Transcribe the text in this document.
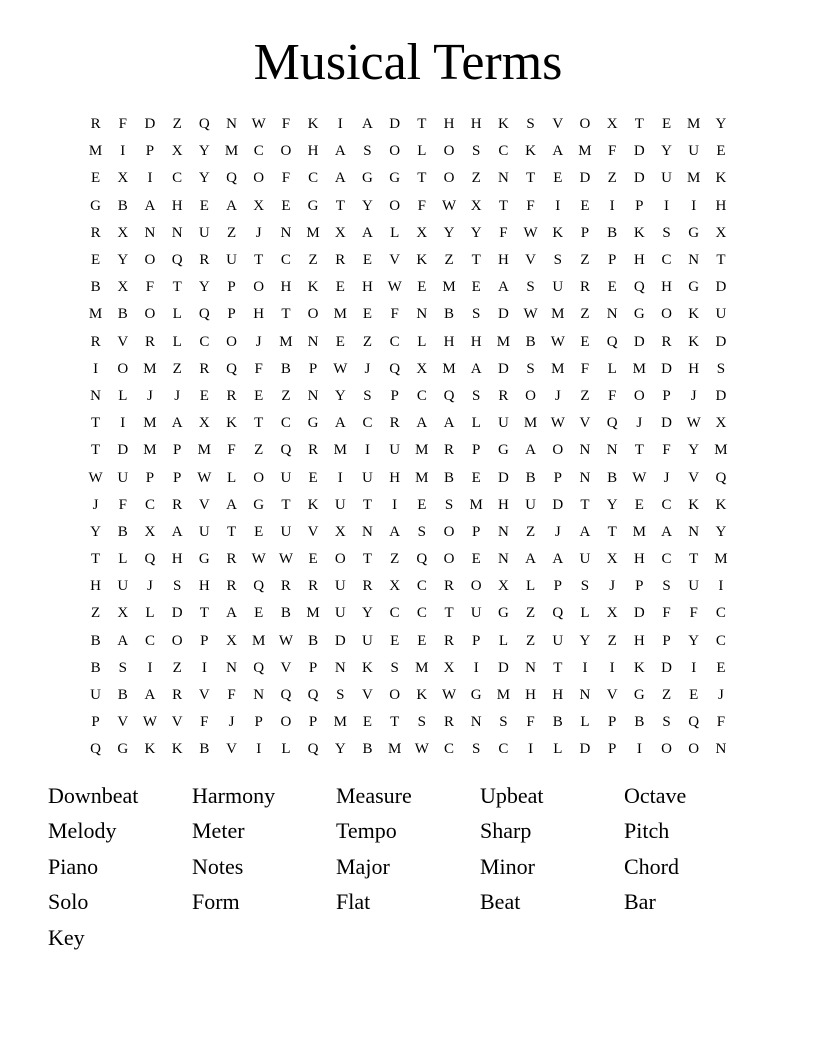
Musical Terms
R	F	D	Z	Q	N W	F	K	I	A	D	T	H	H	K	S	V	O	X	T	E	M	Y
M	I	P	X	Y	M	C	O	H	A	S	O	L	O	S	C	K	A	M	F	D	Y	U	E
E	X	I	C	Y	Q	O	F	C	A	G	G	T	O	Z	N	T	E	D	Z	D	U	M	K
G	B	A	H	E	A	X	E	G	T	Y	O	F	W X	T	F	I	E	I	P	I	I	H
R	X	N	N	U	Z	J	N	M	X	A	L	X	Y	Y	F	W K	P	B	K	S	G	X
E	Y	O	Q	R	U	T	C	Z	R	E	V	K	Z	T	H	V	S	Z	P	H	C	N	T
B	X	F	T	Y	P	O	H	K	E	H W	E	M	E	A	S	U	R	E	Q	H	G	D
M	B	O	L	Q	P	H	T	O	M	E	F	N	B	S	D W M	Z	N	G	O	K	U
R	V	R	L	C	O	J	M	N	E	Z	C	L	H	H	M	B	W	E	Q	D	R	K	D
I	O	M	Z	R	Q	F	B	P	W	J	Q	X	M	A	D	S	M	F	L	M	D	H	S
N	L	J	J	E	R	E	Z	N	Y	S	P	C	Q	S	R	O	J	Z	F	O	P	J	D
T	I	M	A	X	K	T	C	G	A	C	R	A	A	L	U	M W V	Q	J	D W X
T	D	M	P	M	F	Z	Q	R	M	I	U	M	R	P	G	A	O	N	N	T	F	Y	M
W U	P	P	W	L	O	U	E	I	U	H	M	B	E	D	B	P	N	B	W	J	V	Q
J	F	C	R	V	A	G	T	K	U	T	I	E	S	M	H	U	D	T	Y	E	C	K	K
Y	B	X	A	U	T	E	U	V	X	N	A	S	O	P	N	Z	J	A	T	M	A	N	Y
T	L	Q	H	G	R	W W	E	O	T	Z	Q	O	E	N	A	A	U	X	H	C	T	M
H	U	J	S	H	R	Q	R	R	U	R	X	C	R	O	X	L	P	S	J	P	S	U	I
Z	X	L	D	T	A	E	B	M	U	Y	C	C	T	U	G	Z	Q	L	X	D	F	F	C
B	A	C	O	P	X	M W	B	D	U	E	E	R	P	L	Z	U	Y	Z	H	P	Y	C
B	S	I	Z	I	N	Q	V	P	N	K	S	M	X	I	D	N	T	I	I	K	D	I	E
U	B	A	R	V	F	N	Q	Q	S	V	O	K W G	M	H	H	N	V	G	Z	E	J
P	V W V	F	J	P	O	P	M	E	T	S	R	N	S	F	B	L	P	B	S	Q	F
Q	G	K	K	B	V	I	L	Q	Y	B	M W	C	S	C	I	L	D	P	I	O	O	N
Downbeat	Harmony	Measure	Upbeat	Octave
Melody	Meter	Tempo	Sharp	Pitch
Piano	Notes	Major	Minor	Chord
Solo	Form	Flat	Beat	Bar
Key
